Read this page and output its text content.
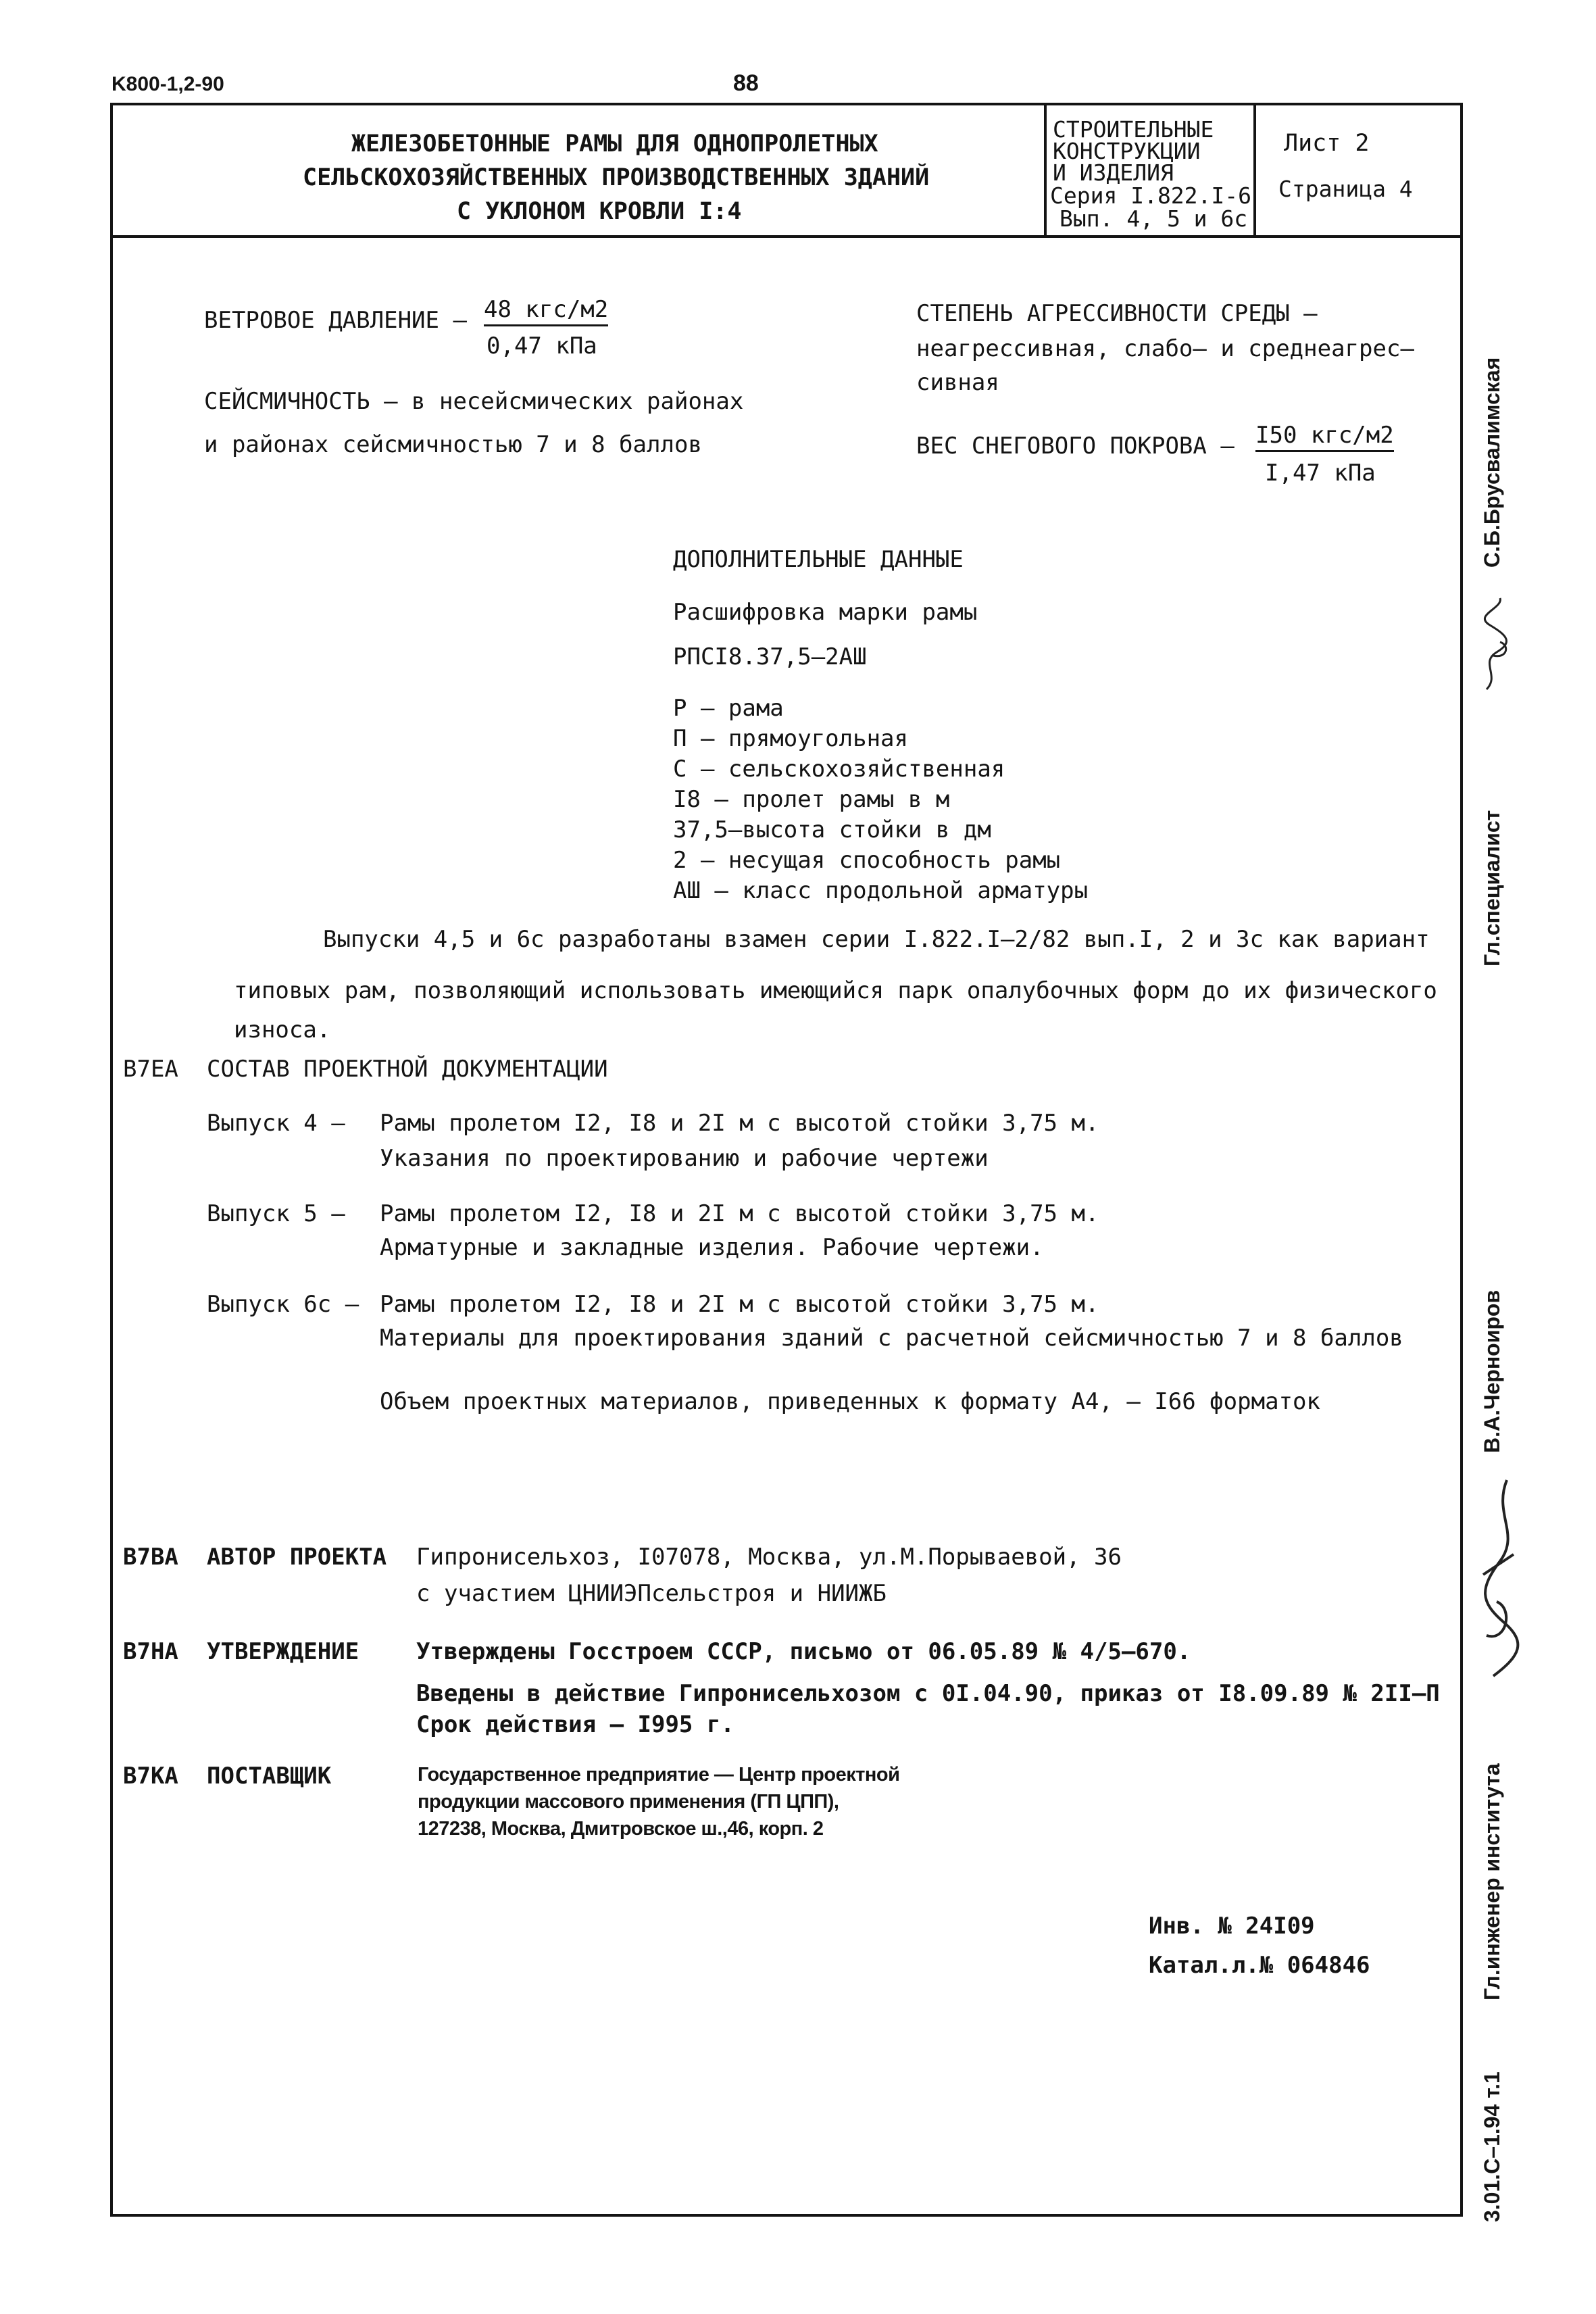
K800-1,2-90	88
ЖЕЛЕЗОБЕТОННЫЕ РАМЫ ДЛЯ ОДНОПРОЛЕТНЫХ
СЕЛЬСКОХОЗЯЙСТВЕННЫХ ПРОИЗВОДСТВЕННЫХ ЗДАНИЙ
С УКЛОНОМ КРОВЛИ I:4
СТРОИТЕЛЬНЫЕ
КОНСТРУКЦИИ
И ИЗДЕЛИЯ
Серия I.822.I-6
Вып. 4, 5 и 6с
Лист 2
Страница 4
ВЕТРОВОЕ ДАВЛЕНИЕ – 48 кгс/м2
0,47 кПа
СЕЙСМИЧНОСТЬ – в несейсмических районах
и районах сейсмичностью 7 и 8 баллов
СТЕПЕНЬ АГРЕССИВНОСТИ СРЕДЫ –
неагрессивная, слабо– и среднеагрес–
сивная
ВЕС СНЕГОВОГО ПОКРОВА – I50 кгс/м2
I,47 кПа
ДОПОЛНИТЕЛЬНЫЕ ДАННЫЕ
Расшифровка марки рамы
РПСI8.37,5–2АШ
Р – рама
П – прямоугольная
С – сельскохозяйственная
I8 – пролет рамы в м
37,5–высота стойки в дм
2 – несущая способность рамы
АШ – класс продольной арматуры
Выпуски 4,5 и 6с разработаны взамен серии I.822.I–2/82 вып.I, 2 и 3с как вариант
типовых рам, позволяющий использовать имеющийся парк опалубочных форм до их физического
износа.
В7ЕА СОСТАВ ПРОЕКТНОЙ ДОКУМЕНТАЦИИ
Выпуск 4 – Рамы пролетом I2, I8 и 2I м с высотой стойки 3,75 м.
Указания по проектированию и рабочие чертежи
Выпуск 5 – Рамы пролетом I2, I8 и 2I м с высотой стойки 3,75 м.
Арматурные и закладные изделия. Рабочие чертежи.
Выпуск 6с – Рамы пролетом I2, I8 и 2I м с высотой стойки 3,75 м.
Материалы для проектирования зданий с расчетной сейсмичностью 7 и 8 баллов
Объем проектных материалов, приведенных к формату А4, – I66 форматок
В7ВА АВТОР ПРОЕКТА Гипронисельхоз, I07078, Москва, ул.М.Порываевой, 36
с участием ЦНИИЭПсельстроя и НИИЖБ
В7НА УТВЕРЖДЕНИЕ Утверждены Госстроем СССР, письмо от 06.05.89 № 4/5–670.
Введены в действие Гипронисельхозом с 0I.04.90, приказ от I8.09.89 № 2II–П
Срок действия – I995 г.
В7КА ПОСТАВЩИК	Государственное предприятие — Центр проектной
продукции массового применения (ГП ЦПП),
127238, Москва, Дмитровское ш.,46, корп. 2
Инв. № 24I09
Катал.л.№ 064846
С.Б.Брусвалимская
Гл.специалист
В.А.Черноиров
Гл.инженер института
3.01.С–1.94 т.1
